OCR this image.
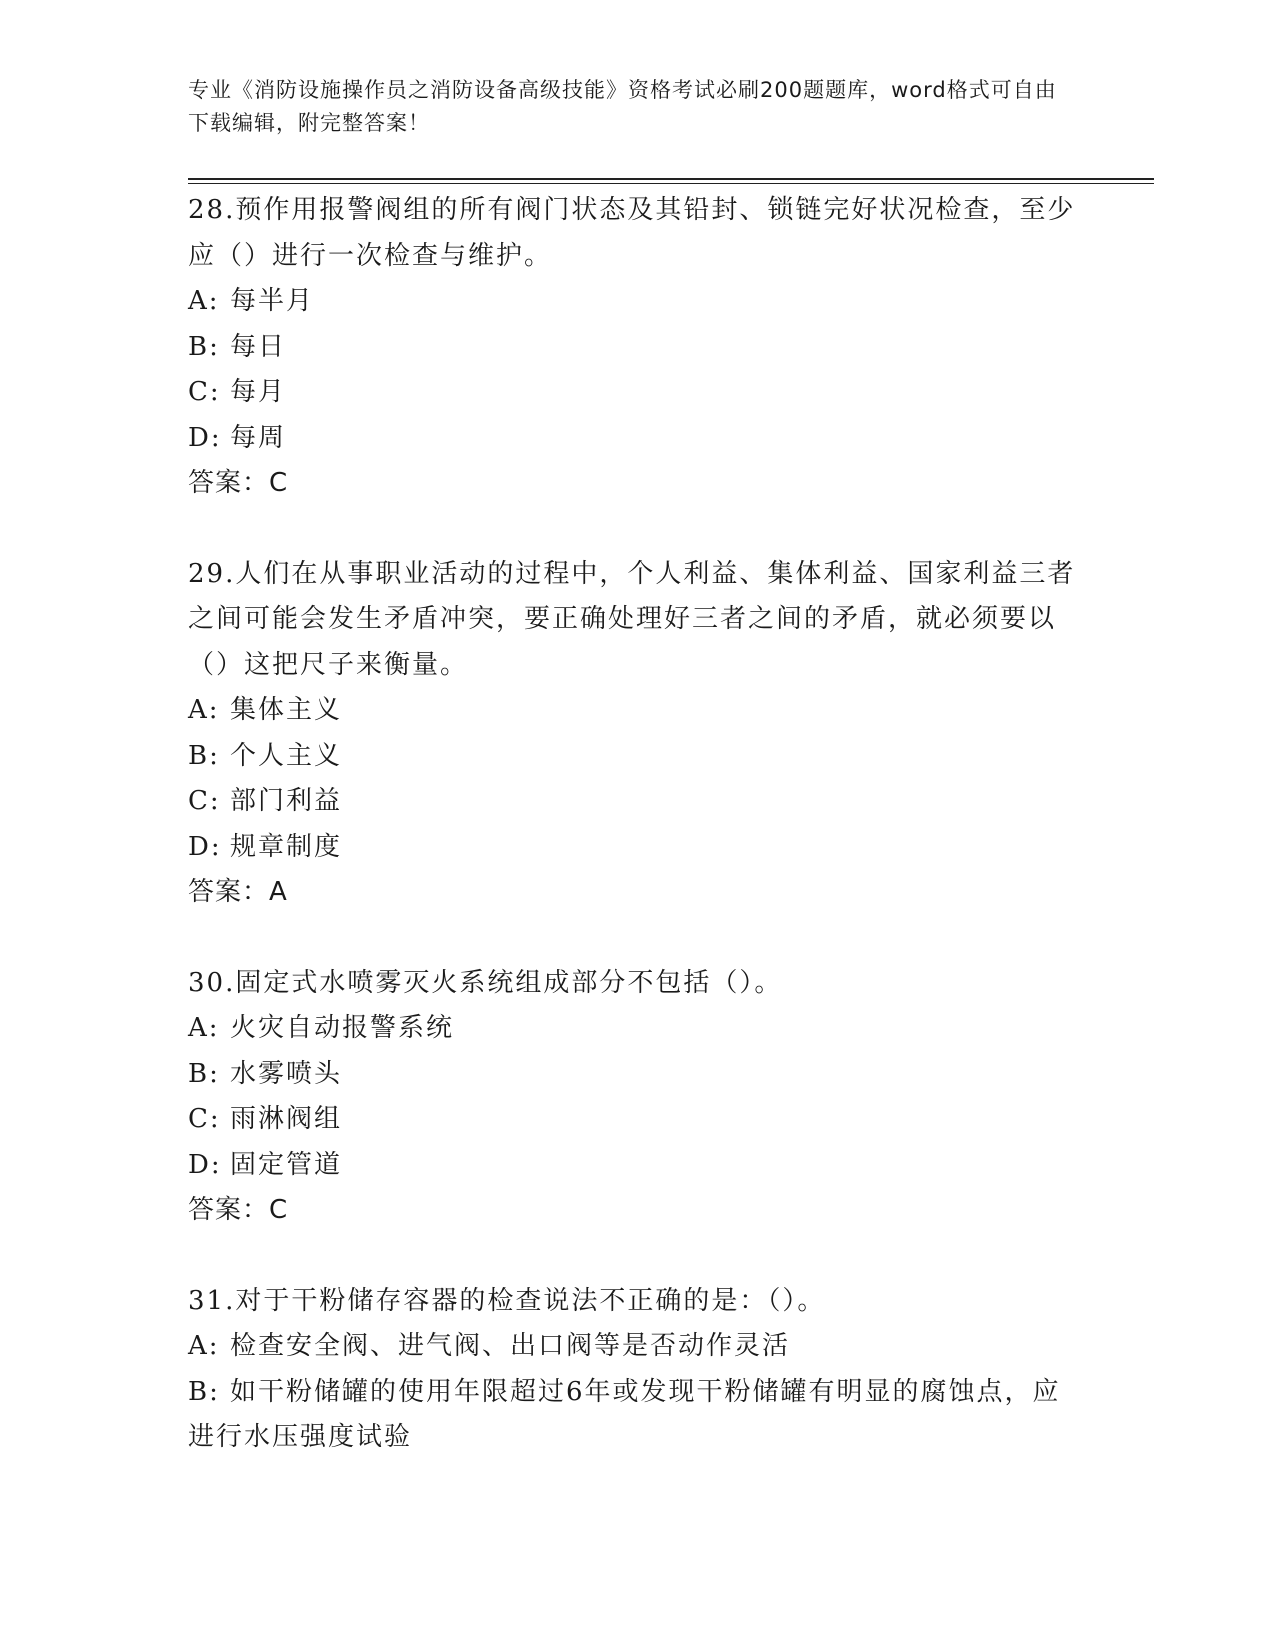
专业《消防设施操作员之消防设备高级技能》资格考试必刷200题题库，word格式可自由下载编辑，附完整答案！
28.预作用报警阀组的所有阀门状态及其铅封、锁链完好状况检查，至少应（）进行一次检查与维护。
A: 每半月
B: 每日
C: 每月
D: 每周
答案：C
29.人们在从事职业活动的过程中，个人利益、集体利益、国家利益三者之间可能会发生矛盾冲突，要正确处理好三者之间的矛盾，就必须要以（）这把尺子来衡量。
A: 集体主义
B: 个人主义
C: 部门利益
D: 规章制度
答案：A
30.固定式水喷雾灭火系统组成部分不包括（）。
A: 火灾自动报警系统
B: 水雾喷头
C: 雨淋阀组
D: 固定管道
答案：C
31.对于干粉储存容器的检查说法不正确的是：（）。
A: 检查安全阀、进气阀、出口阀等是否动作灵活
B: 如干粉储罐的使用年限超过6年或发现干粉储罐有明显的腐蚀点，应进行水压强度试验
